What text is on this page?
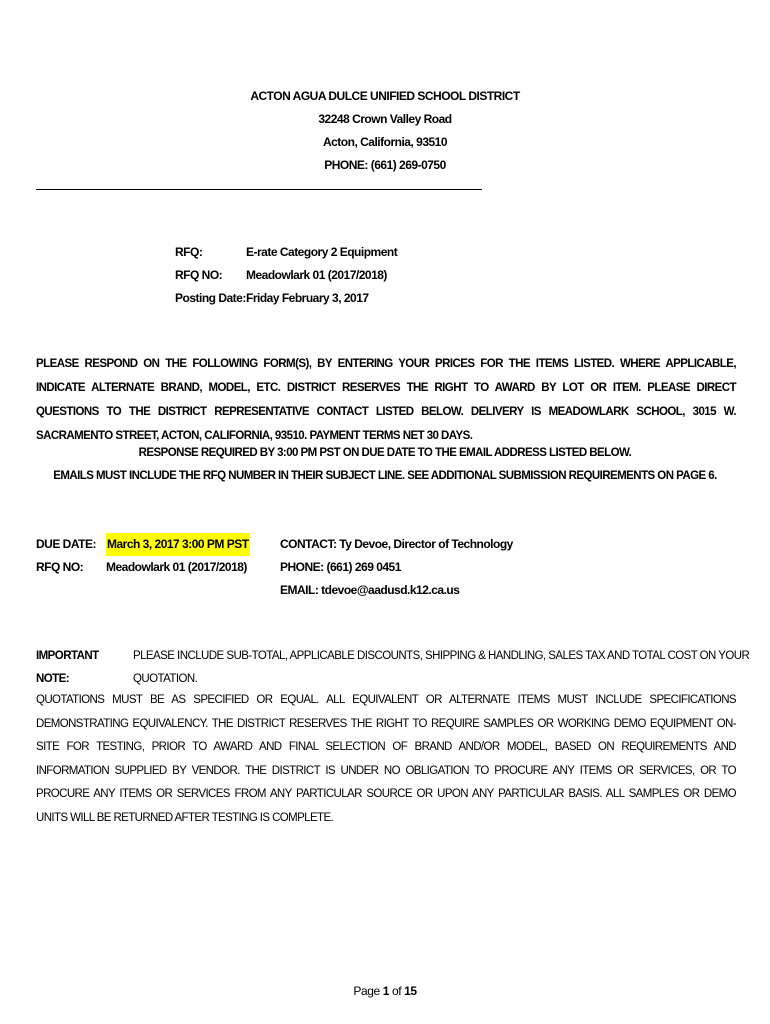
ACTON AGUA DULCE UNIFIED SCHOOL DISTRICT
32248 Crown Valley Road
Acton, California, 93510
PHONE: (661) 269-0750
RFQ:	E-rate Category 2 Equipment
RFQ NO:	Meadowlark 01 (2017/2018)
Posting Date: Friday February 3, 2017
PLEASE RESPOND ON THE FOLLOWING FORM(S), BY ENTERING YOUR PRICES FOR THE ITEMS LISTED. WHERE APPLICABLE, INDICATE ALTERNATE BRAND, MODEL, ETC. DISTRICT RESERVES THE RIGHT TO AWARD BY LOT OR ITEM. PLEASE DIRECT QUESTIONS TO THE DISTRICT REPRESENTATIVE CONTACT LISTED BELOW. DELIVERY IS MEADOWLARK SCHOOL, 3015 W. SACRAMENTO STREET, ACTON, CALIFORNIA, 93510. PAYMENT TERMS NET 30 DAYS.
RESPONSE REQUIRED BY 3:00 PM PST ON DUE DATE TO THE EMAIL ADDRESS LISTED BELOW.
EMAILS MUST INCLUDE THE RFQ NUMBER IN THEIR SUBJECT LINE. SEE ADDITIONAL SUBMISSION REQUIREMENTS ON PAGE 6.
DUE DATE: March 3, 2017 3:00 PM PST
RFQ NO:	Meadowlark 01 (2017/2018)
CONTACT: Ty Devoe, Director of Technology
PHONE: (661) 269 0451
EMAIL: tdevoe@aadusd.k12.ca.us
IMPORTANT NOTE:
PLEASE INCLUDE SUB-TOTAL, APPLICABLE DISCOUNTS, SHIPPING & HANDLING, SALES TAX AND TOTAL COST ON YOUR QUOTATION.
QUOTATIONS MUST BE AS SPECIFIED OR EQUAL. ALL EQUIVALENT OR ALTERNATE ITEMS MUST INCLUDE SPECIFICATIONS DEMONSTRATING EQUIVALENCY. THE DISTRICT RESERVES THE RIGHT TO REQUIRE SAMPLES OR WORKING DEMO EQUIPMENT ON-SITE FOR TESTING, PRIOR TO AWARD AND FINAL SELECTION OF BRAND AND/OR MODEL, BASED ON REQUIREMENTS AND INFORMATION SUPPLIED BY VENDOR. THE DISTRICT IS UNDER NO OBLIGATION TO PROCURE ANY ITEMS OR SERVICES, OR TO PROCURE ANY ITEMS OR SERVICES FROM ANY PARTICULAR SOURCE OR UPON ANY PARTICULAR BASIS. ALL SAMPLES OR DEMO UNITS WILL BE RETURNED AFTER TESTING IS COMPLETE.
Page 1 of 15
